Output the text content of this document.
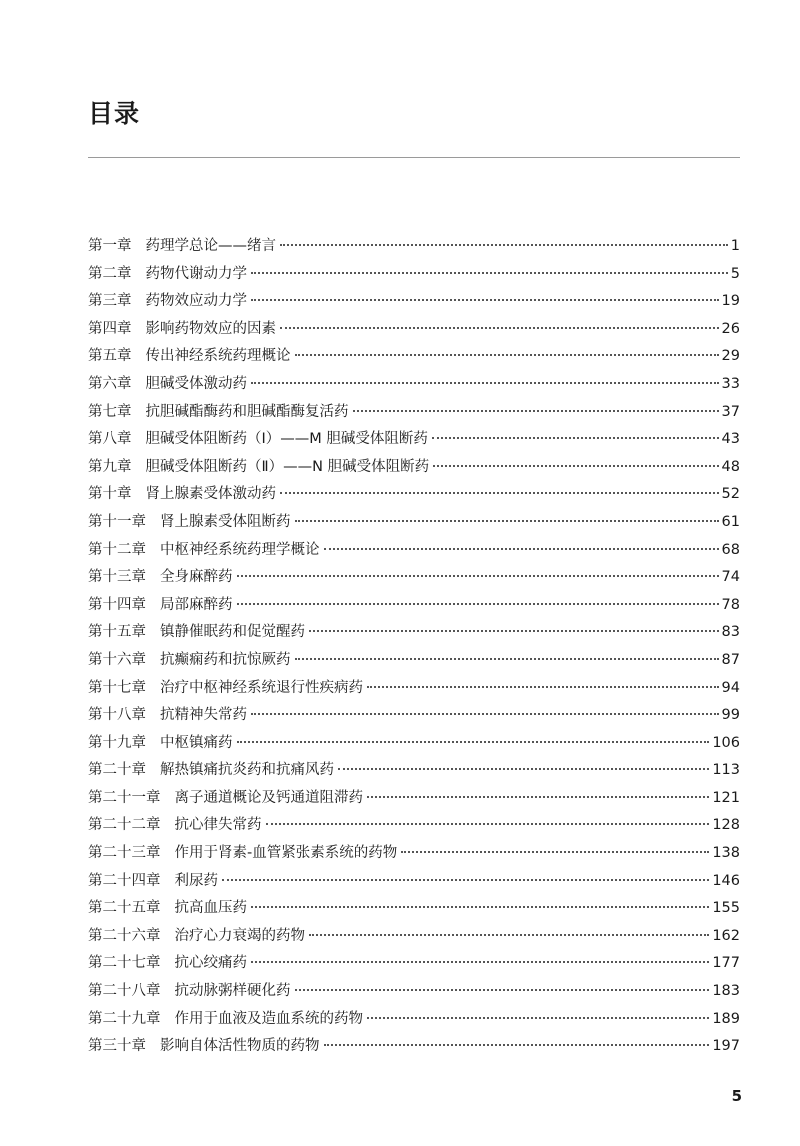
目录
第一章 药理学总论——绪言	1
第二章 药物代谢动力学	5
第三章 药物效应动力学	19
第四章 影响药物效应的因素	26
第五章 传出神经系统药理概论	29
第六章 胆碱受体激动药	33
第七章 抗胆碱酯酶药和胆碱酯酶复活药	37
第八章 胆碱受体阻断药（Ⅰ）——M 胆碱受体阻断药	43
第九章 胆碱受体阻断药（Ⅱ）——N 胆碱受体阻断药	48
第十章 肾上腺素受体激动药	52
第十一章 肾上腺素受体阻断药	61
第十二章 中枢神经系统药理学概论	68
第十三章 全身麻醉药	74
第十四章 局部麻醉药	78
第十五章 镇静催眠药和促觉醒药	83
第十六章 抗癫痫药和抗惊厥药	87
第十七章 治疗中枢神经系统退行性疾病药	94
第十八章 抗精神失常药	99
第十九章 中枢镇痛药	106
第二十章 解热镇痛抗炎药和抗痛风药	113
第二十一章 离子通道概论及钙通道阻滞药	121
第二十二章 抗心律失常药	128
第二十三章 作用于肾素-血管紧张素系统的药物	138
第二十四章 利尿药	146
第二十五章 抗高血压药	155
第二十六章 治疗心力衰竭的药物	162
第二十七章 抗心绞痛药	177
第二十八章 抗动脉粥样硬化药	183
第二十九章 作用于血液及造血系统的药物	189
第三十章 影响自体活性物质的药物	197
5
